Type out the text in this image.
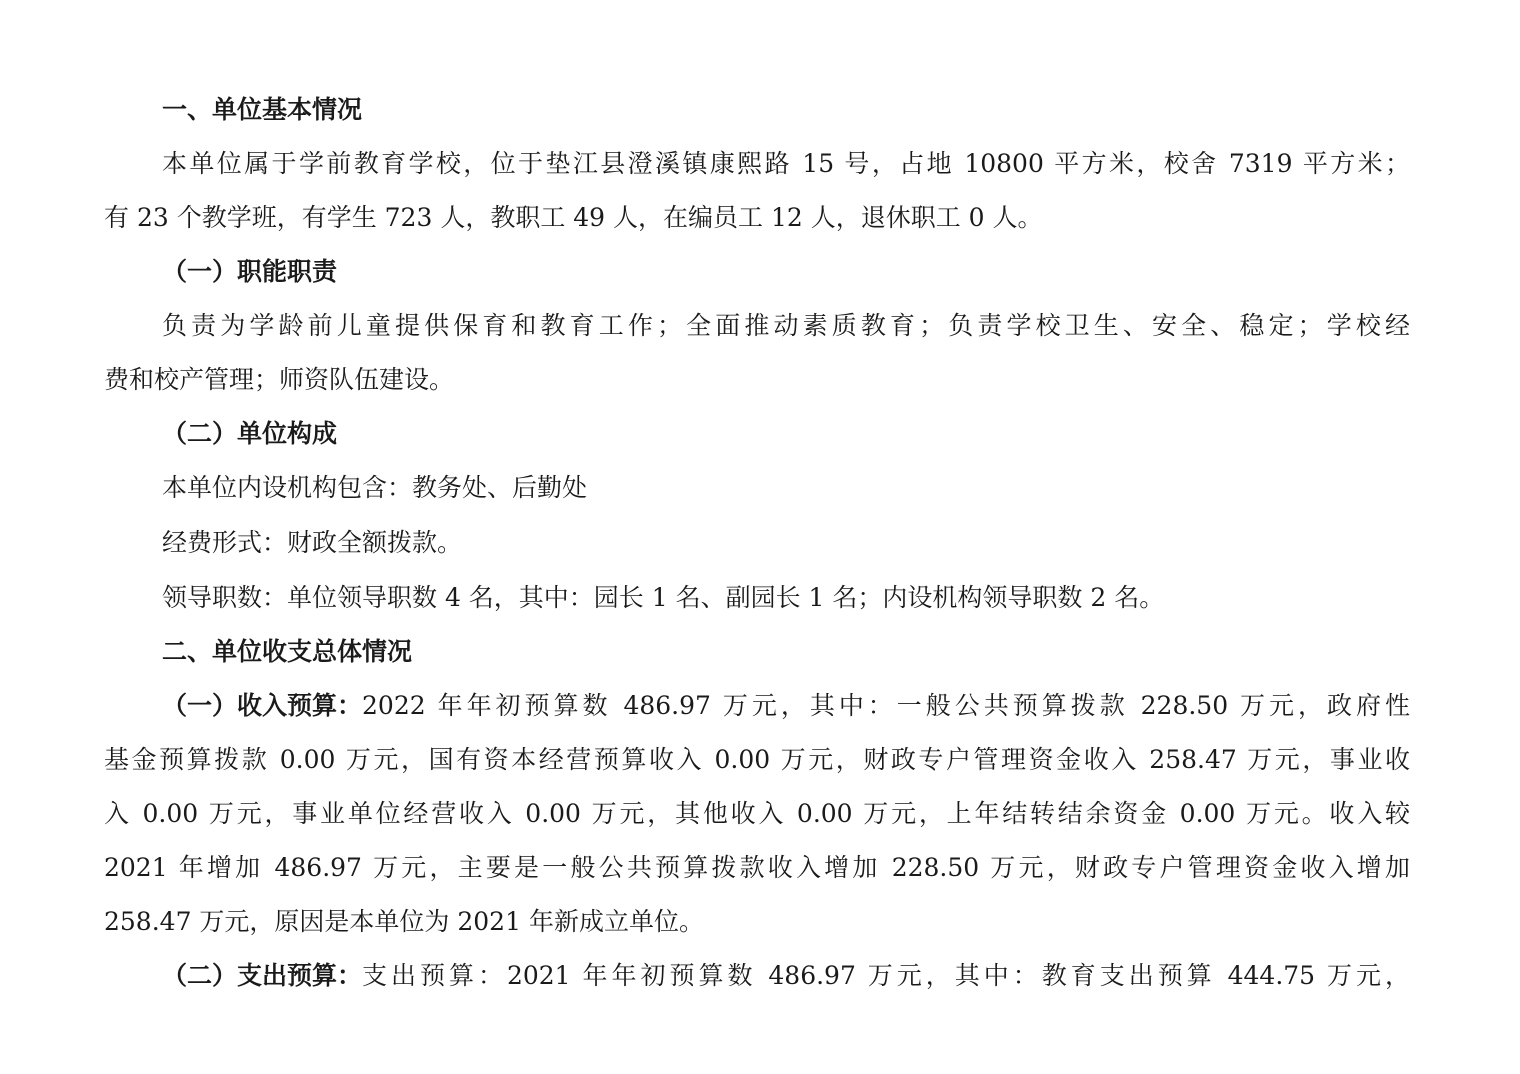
一、单位基本情况
本单位属于学前教育学校，位于垫江县澄溪镇康熙路 15 号，占地 10800 平方米，校舍 7319 平方米；
有 23 个教学班，有学生 723 人，教职工 49 人，在编员工 12 人，退休职工 0 人。
（一）职能职责
负责为学龄前儿童提供保育和教育工作；全面推动素质教育；负责学校卫生、安全、稳定；学校经
费和校产管理；师资队伍建设。
（二）单位构成
本单位内设机构包含：教务处、后勤处
经费形式：财政全额拨款。
领导职数：单位领导职数 4 名，其中：园长 1 名、副园长 1 名；内设机构领导职数 2 名。
二、单位收支总体情况
（一）收入预算： 2022 年年初预算数 486.97 万元，其中：一般公共预算拨款 228.50 万元，政府性
基金预算拨款 0.00 万元，国有资本经营预算收入 0.00 万元，财政专户管理资金收入 258.47 万元，事业收
入 0.00 万元，事业单位经营收入 0.00 万元，其他收入 0.00 万元，上年结转结余资金 0.00 万元。收入较
2021 年增加 486.97 万元，主要是一般公共预算拨款收入增加 228.50 万元，财政专户管理资金收入增加
258.47 万元，原因是本单位为 2021 年新成立单位。
（二）支出预算： 支出预算：2021 年年初预算数 486.97 万元，其中：教育支出预算 444.75 万元，
